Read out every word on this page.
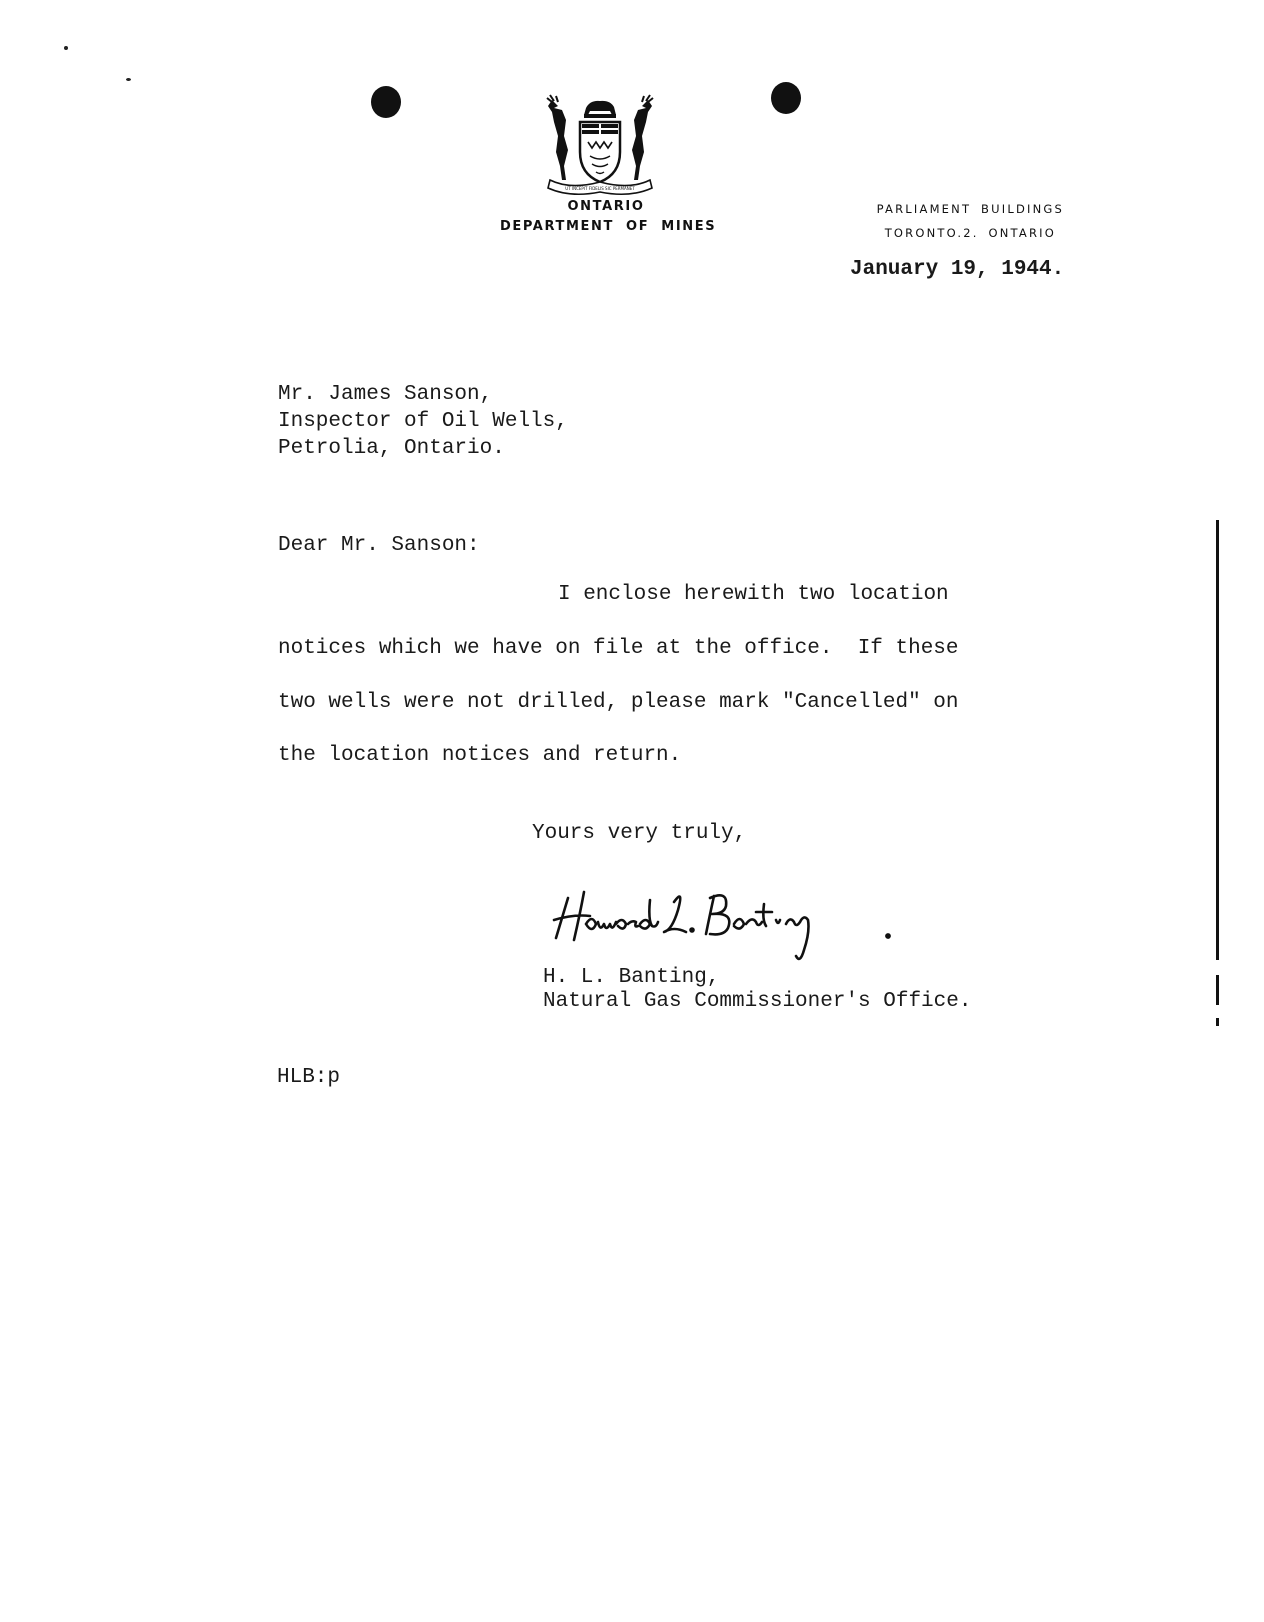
UT INCEPIT FIDELIS SIC PERMANET
ONTARIO
DEPARTMENT OF MINES
PARLIAMENT BUILDINGS
TORONTO.2. ONTARIO
January 19, 1944.
Mr. James Sanson,
Inspector of Oil Wells,
Petrolia, Ontario.
Dear Mr. Sanson:
I enclose herewith two location
notices which we have on file at the office.  If these
two wells were not drilled, please mark "Cancelled" on
the location notices and return.
Yours very truly,
H. L. Banting,
Natural Gas Commissioner's Office.
HLB:p
